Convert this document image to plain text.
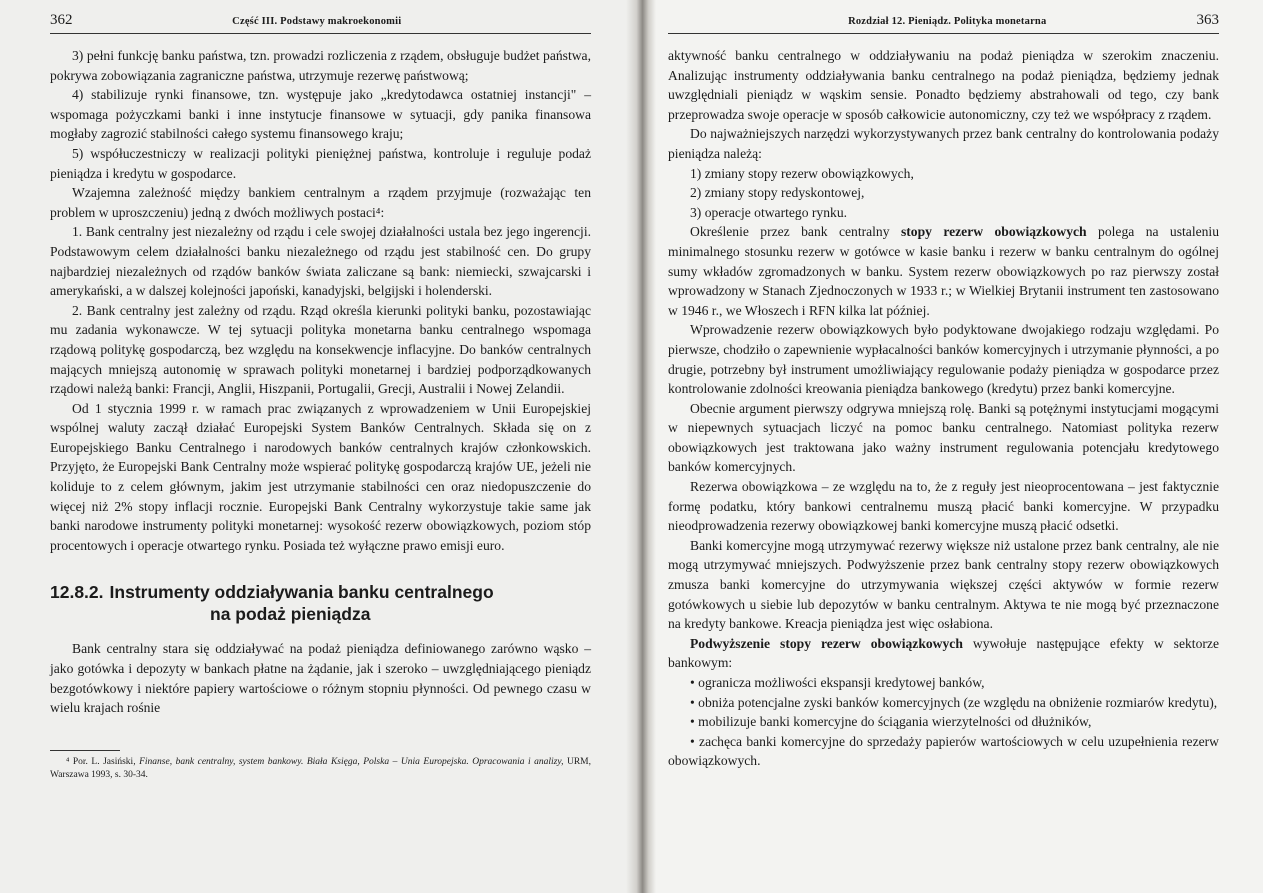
362	Część III. Podstawy makroekonomii

3) pełni funkcję banku państwa, tzn. prowadzi rozliczenia z rządem, obsługuje budżet państwa, pokrywa zobowiązania zagraniczne państwa, utrzymuje rezerwę państwową;

4) stabilizuje rynki finansowe, tzn. występuje jako „kredytodawca ostatniej instancji" – wspomaga pożyczkami banki i inne instytucje finansowe w sytuacji, gdy panika finansowa mogłaby zagrozić stabilności całego systemu finansowego kraju;

5) współuczestniczy w realizacji polityki pieniężnej państwa, kontroluje i reguluje podaż pieniądza i kredytu w gospodarce.

Wzajemna zależność między bankiem centralnym a rządem przyjmuje (rozważając ten problem w uproszczeniu) jedną z dwóch możliwych postaci⁴:

1. Bank centralny jest niezależny od rządu i cele swojej działalności ustala bez jego ingerencji. Podstawowym celem działalności banku niezależnego od rządu jest stabilność cen. Do grupy najbardziej niezależnych od rządów banków świata zaliczane są bank: niemiecki, szwajcarski i amerykański, a w dalszej kolejności japoński, kanadyjski, belgijski i holenderski.

2. Bank centralny jest zależny od rządu. Rząd określa kierunki polityki banku, pozostawiając mu zadania wykonawcze. W tej sytuacji polityka monetarna banku centralnego wspomaga rządową politykę gospodarczą, bez względu na konsekwencje inflacyjne. Do banków centralnych mających mniejszą autonomię w sprawach polityki monetarnej i bardziej podporządkowanych rządowi należą banki: Francji, Anglii, Hiszpanii, Portugalii, Grecji, Australii i Nowej Zelandii.

Od 1 stycznia 1999 r. w ramach prac związanych z wprowadzeniem w Unii Europejskiej wspólnej waluty zaczął działać Europejski System Banków Centralnych. Składa się on z Europejskiego Banku Centralnego i narodowych banków centralnych krajów członkowskich. Przyjęto, że Europejski Bank Centralny może wspierać politykę gospodarczą krajów UE, jeżeli nie koliduje to z celem głównym, jakim jest utrzymanie stabilności cen oraz niedopuszczenie do więcej niż 2% stopy inflacji rocznie. Europejski Bank Centralny wykorzystuje takie same jak banki narodowe instrumenty polityki monetarnej: wysokość rezerw obowiązkowych, poziom stóp procentowych i operacje otwartego rynku. Posiada też wyłączne prawo emisji euro.

12.8.2. Instrumenty oddziaływania banku centralnego
na podaż pieniądza

Bank centralny stara się oddziaływać na podaż pieniądza definiowanego zarówno wąsko – jako gotówka i depozyty w bankach płatne na żądanie, jak i szeroko – uwzględniającego pieniądz bezgotówkowy i niektóre papiery wartościowe o różnym stopniu płynności. Od pewnego czasu w wielu krajach rośnie

⁴ Por. L. Jasiński, Finanse, bank centralny, system bankowy. Biała Księga, Polska – Unia Europejska. Opracowania i analizy, URM, Warszawa 1993, s. 30-34.
Rozdział 12. Pieniądz. Polityka monetarna	363

aktywność banku centralnego w oddziaływaniu na podaż pieniądza w szerokim znaczeniu. Analizując instrumenty oddziaływania banku centralnego na podaż pieniądza, będziemy jednak uwzględniali pieniądz w wąskim sensie. Ponadto będziemy abstrahowali od tego, czy bank przeprowadza swoje operacje w sposób całkowicie autonomiczny, czy też we współpracy z rządem.

Do najważniejszych narzędzi wykorzystywanych przez bank centralny do kontrolowania podaży pieniądza należą:

1) zmiany stopy rezerw obowiązkowych,

2) zmiany stopy redyskontowej,

3) operacje otwartego rynku.

Określenie przez bank centralny stopy rezerw obowiązkowych polega na ustaleniu minimalnego stosunku rezerw w gotówce w kasie banku i rezerw w banku centralnym do ogólnej sumy wkładów zgromadzonych w banku. System rezerw obowiązkowych po raz pierwszy został wprowadzony w Stanach Zjednoczonych w 1933 r.; w Wielkiej Brytanii instrument ten zastosowano w 1946 r., we Włoszech i RFN kilka lat później.

Wprowadzenie rezerw obowiązkowych było podyktowane dwojakiego rodzaju względami. Po pierwsze, chodziło o zapewnienie wypłacalności banków komercyjnych i utrzymanie płynności, a po drugie, potrzebny był instrument umożliwiający regulowanie podaży pieniądza w gospodarce przez kontrolowanie zdolności kreowania pieniądza bankowego (kredytu) przez banki komercyjne.

Obecnie argument pierwszy odgrywa mniejszą rolę. Banki są potężnymi instytucjami mogącymi w niepewnych sytuacjach liczyć na pomoc banku centralnego. Natomiast polityka rezerw obowiązkowych jest traktowana jako ważny instrument regulowania potencjału kredytowego banków komercyjnych.

Rezerwa obowiązkowa – ze względu na to, że z reguły jest nieoprocentowana – jest faktycznie formę podatku, który bankowi centralnemu muszą płacić banki komercyjne. W przypadku nieodprowadzenia rezerwy obowiązkowej banki komercyjne muszą płacić odsetki.

Banki komercyjne mogą utrzymywać rezerwy większe niż ustalone przez bank centralny, ale nie mogą utrzymywać mniejszych. Podwyższenie przez bank centralny stopy rezerw obowiązkowych zmusza banki komercyjne do utrzymywania większej części aktywów w formie rezerw gotówkowych u siebie lub depozytów w banku centralnym. Aktywa te nie mogą być przeznaczone na kredyty bankowe. Kreacja pieniądza jest więc osłabiona.

Podwyższenie stopy rezerw obowiązkowych wywołuje następujące efekty w sektorze bankowym:

• ogranicza możliwości ekspansji kredytowej banków,

• obniża potencjalne zyski banków komercyjnych (ze względu na obniżenie rozmiarów kredytu),

• mobilizuje banki komercyjne do ściągania wierzytelności od dłużników,

• zachęca banki komercyjne do sprzedaży papierów wartościowych w celu uzupełnienia rezerw obowiązkowych.
